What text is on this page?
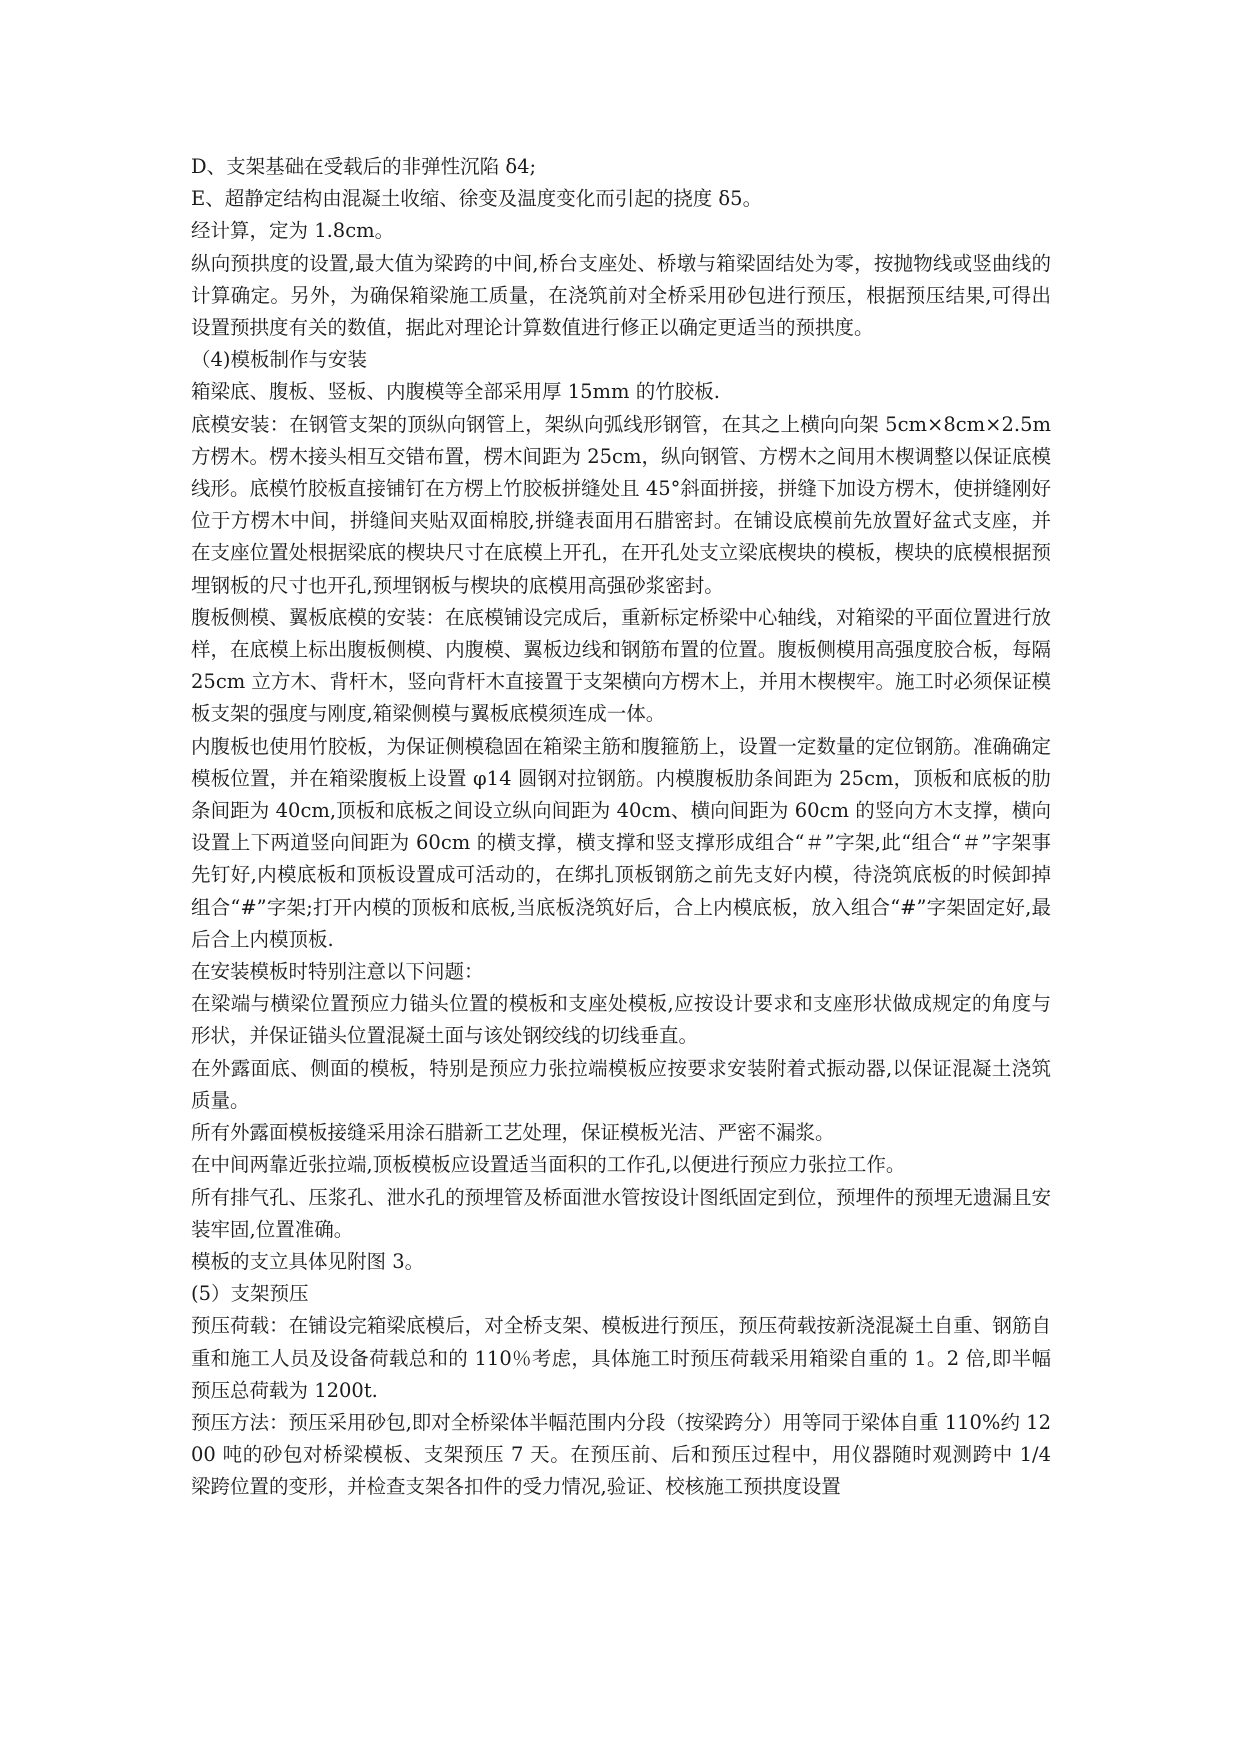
D、支架基础在受载后的非弹性沉陷 δ4;

E、超静定结构由混凝土收缩、徐变及温度变化而引起的挠度 δ5。

经计算，定为 1.8cm。

纵向预拱度的设置,最大值为梁跨的中间,桥台支座处、桥墩与箱梁固结处为零，按抛物线或竖曲线的计算确定。另外，为确保箱梁施工质量，在浇筑前对全桥采用砂包进行预压，根据预压结果,可得出设置预拱度有关的数值，据此对理论计算数值进行修正以确定更适当的预拱度。

（4)模板制作与安装

箱梁底、腹板、竖板、内腹模等全部采用厚 15mm 的竹胶板.

底模安装：在钢管支架的顶纵向钢管上，架纵向弧线形钢管，在其之上横向向架 5cm×8cm×2.5m 方楞木。楞木接头相互交错布置，楞木间距为 25cm，纵向钢管、方楞木之间用木楔调整以保证底模线形。底模竹胶板直接铺钉在方楞上竹胶板拼缝处且 45°斜面拼接，拼缝下加设方楞木，使拼缝刚好位于方楞木中间，拼缝间夹贴双面棉胶,拼缝表面用石腊密封。在铺设底模前先放置好盆式支座，并在支座位置处根据梁底的楔块尺寸在底模上开孔，在开孔处支立梁底楔块的模板，楔块的底模根据预埋钢板的尺寸也开孔,预埋钢板与楔块的底模用高强砂浆密封。

腹板侧模、翼板底模的安装：在底模铺设完成后，重新标定桥梁中心轴线，对箱梁的平面位置进行放样，在底模上标出腹板侧模、内腹模、翼板边线和钢筋布置的位置。腹板侧模用高强度胶合板，每隔 25cm 立方木、背杆木，竖向背杆木直接置于支架横向方楞木上，并用木楔楔牢。施工时必须保证模板支架的强度与刚度,箱梁侧模与翼板底模须连成一体。

内腹板也使用竹胶板，为保证侧模稳固在箱梁主筋和腹箍筋上，设置一定数量的定位钢筋。准确确定模板位置，并在箱梁腹板上设置 φ14 圆钢对拉钢筋。内模腹板肋条间距为 25cm，顶板和底板的肋条间距为 40cm,顶板和底板之间设立纵向间距为 40cm、横向间距为 60cm 的竖向方木支撑，横向设置上下两道竖向间距为 60cm 的横支撑，横支撑和竖支撑形成组合“＃”字架,此“组合“＃”字架事先钉好,内模底板和顶板设置成可活动的，在绑扎顶板钢筋之前先支好内模，待浇筑底板的时候卸掉组合“#”字架;打开内模的顶板和底板,当底板浇筑好后，合上内模底板，放入组合“#”字架固定好,最后合上内模顶板.

在安装模板时特别注意以下问题：

在梁端与横梁位置预应力锚头位置的模板和支座处模板,应按设计要求和支座形状做成规定的角度与形状，并保证锚头位置混凝土面与该处钢绞线的切线垂直。

在外露面底、侧面的模板，特别是预应力张拉端模板应按要求安装附着式振动器,以保证混凝土浇筑质量。

所有外露面模板接缝采用涂石腊新工艺处理，保证模板光洁、严密不漏浆。

在中间两靠近张拉端,顶板模板应设置适当面积的工作孔,以便进行预应力张拉工作。

所有排气孔、压浆孔、泄水孔的预埋管及桥面泄水管按设计图纸固定到位，预埋件的预埋无遗漏且安装牢固,位置准确。

模板的支立具体见附图 3。

(5）支架预压

预压荷载：在铺设完箱梁底模后，对全桥支架、模板进行预压，预压荷载按新浇混凝土自重、钢筋自重和施工人员及设备荷载总和的 110％考虑，具体施工时预压荷载采用箱梁自重的 1。2 倍,即半幅预压总荷载为 1200t.

预压方法：预压采用砂包,即对全桥梁体半幅范围内分段（按梁跨分）用等同于梁体自重 110%约 1200 吨的砂包对桥梁模板、支架预压 7 天。在预压前、后和预压过程中，用仪器随时观测跨中 1/4 梁跨位置的变形，并检查支架各扣件的受力情况,验证、校核施工预拱度设置
